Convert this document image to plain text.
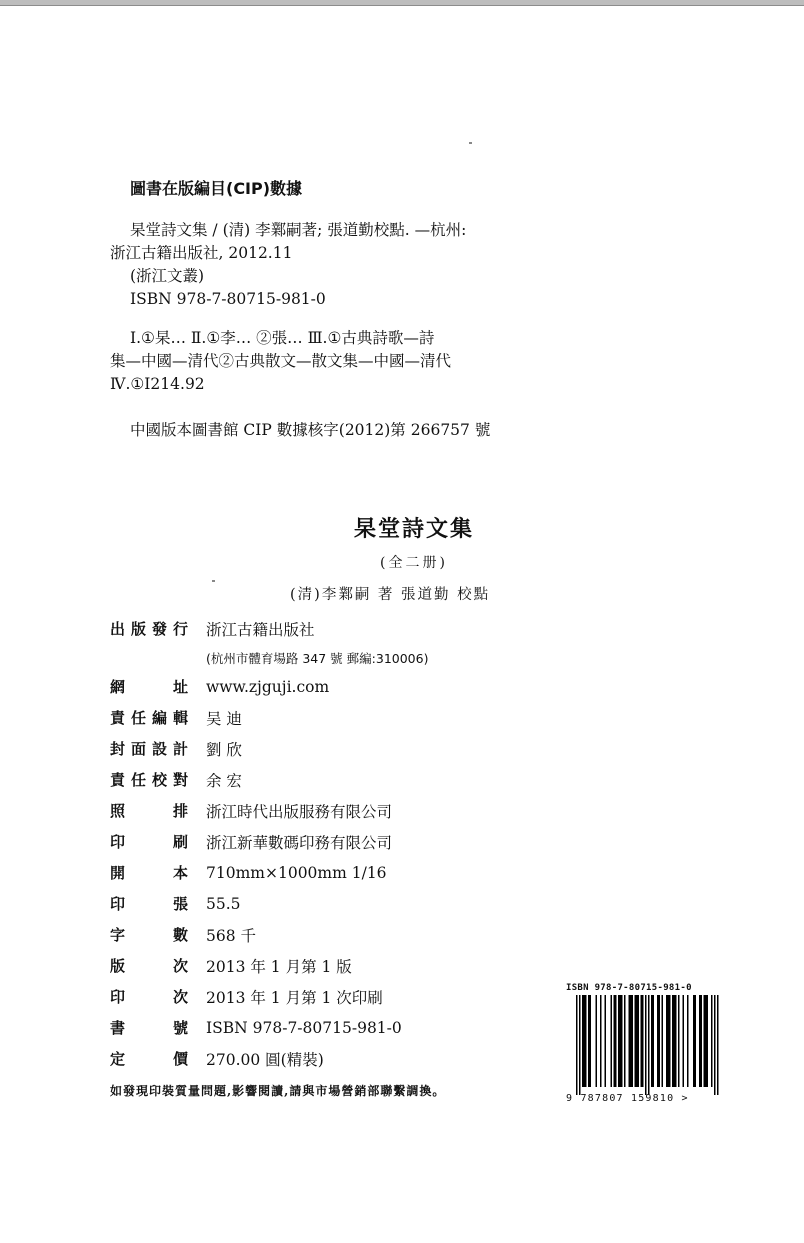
圖書在版編目(CIP)數據
杲堂詩文集 / (清) 李鄴嗣著; 張道勤校點. —杭州:
浙江古籍出版社, 2012.11
(浙江文叢)
ISBN 978-7-80715-981-0
Ⅰ.①杲… Ⅱ.①李… ②張… Ⅲ.①古典詩歌—詩
集—中國—清代②古典散文—散文集—中國—清代
Ⅳ.①I214.92
中國版本圖書館 CIP 數據核字(2012)第 266757 號
杲堂詩文集
(全二册)
(清)李鄴嗣 著 張道勤 校點
出 版 發 行 浙江古籍出版社
(杭州市體育場路 347 號 郵編:310006)
網	址 www.zjguji.com
責 任 編 輯 吴 迪
封 面 設 計 劉 欣
責 任 校 對 余 宏
照	排 浙江時代出版服務有限公司
印	刷 浙江新華數碼印務有限公司
開	本 710mm×1000mm 1/16
印	張 55.5
字	數 568 千
版	次 2013 年 1 月第 1 版
印	次 2013 年 1 月第 1 次印刷
書	號 ISBN 978-7-80715-981-0
定	價 270.00 圓(精裝)
如發現印裝質量問題,影響閱讀,請與市場營銷部聯繫調換。
ISBN 978-7-80715-981-0
9 787807 159810 >
